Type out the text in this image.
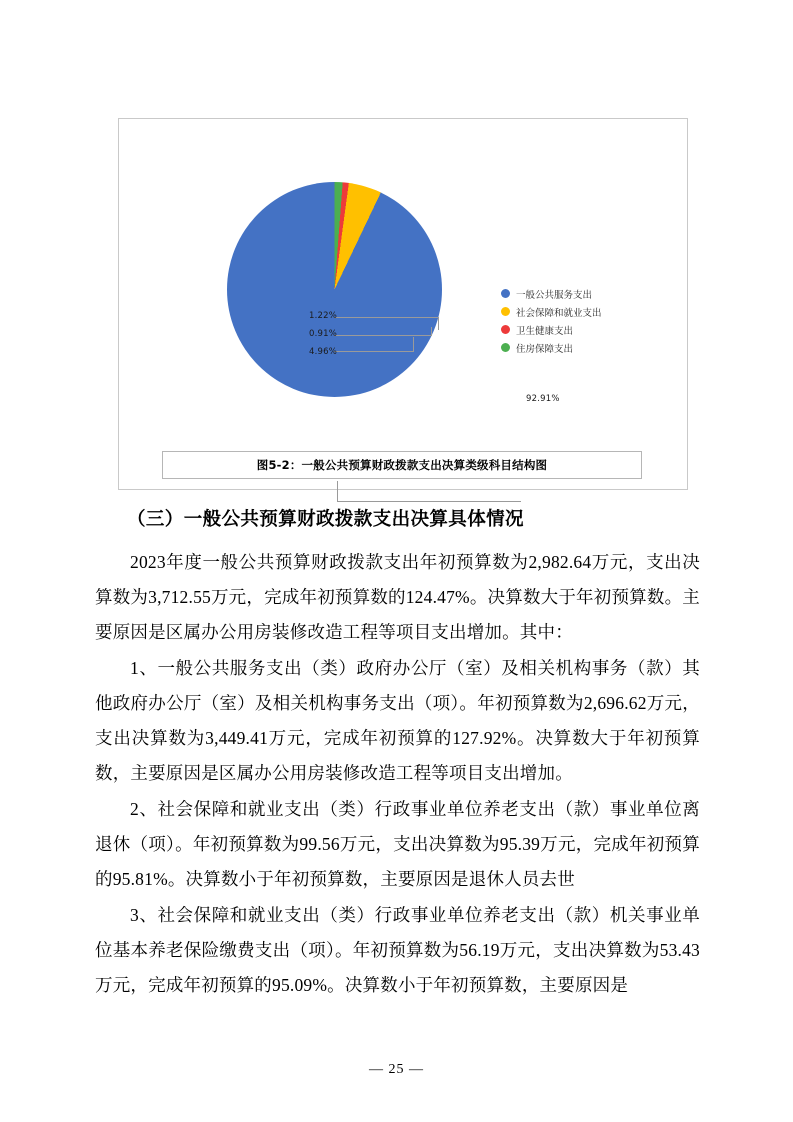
1.22%
0.91%
4.96%
92.91%
一般公共服务支出
社会保障和就业支出
卫生健康支出
住房保障支出
图5-2：一般公共预算财政拨款支出决算类级科目结构图
（三）一般公共预算财政拨款支出决算具体情况

2023年度一般公共预算财政拨款支出年初预算数为2,982.64万元，支出决算数为3,712.55万元，完成年初预算数的124.47%。决算数大于年初预算数。主要原因是区属办公用房装修改造工程等项目支出增加。其中：

1、一般公共服务支出（类）政府办公厅（室）及相关机构事务（款）其他政府办公厅（室）及相关机构事务支出（项）。年初预算数为2,696.62万元，支出决算数为3,449.41万元，完成年初预算的127.92%。决算数大于年初预算数，主要原因是区属办公用房装修改造工程等项目支出增加。

2、社会保障和就业支出（类）行政事业单位养老支出（款）事业单位离退休（项）。年初预算数为99.56万元，支出决算数为95.39万元，完成年初预算的95.81%。决算数小于年初预算数，主要原因是退休人员去世

3、社会保障和就业支出（类）行政事业单位养老支出（款）机关事业单位基本养老保险缴费支出（项）。年初预算数为56.19万元，支出决算数为53.43万元，完成年初预算的95.09%。决算数小于年初预算数，主要原因是

— 25 —
